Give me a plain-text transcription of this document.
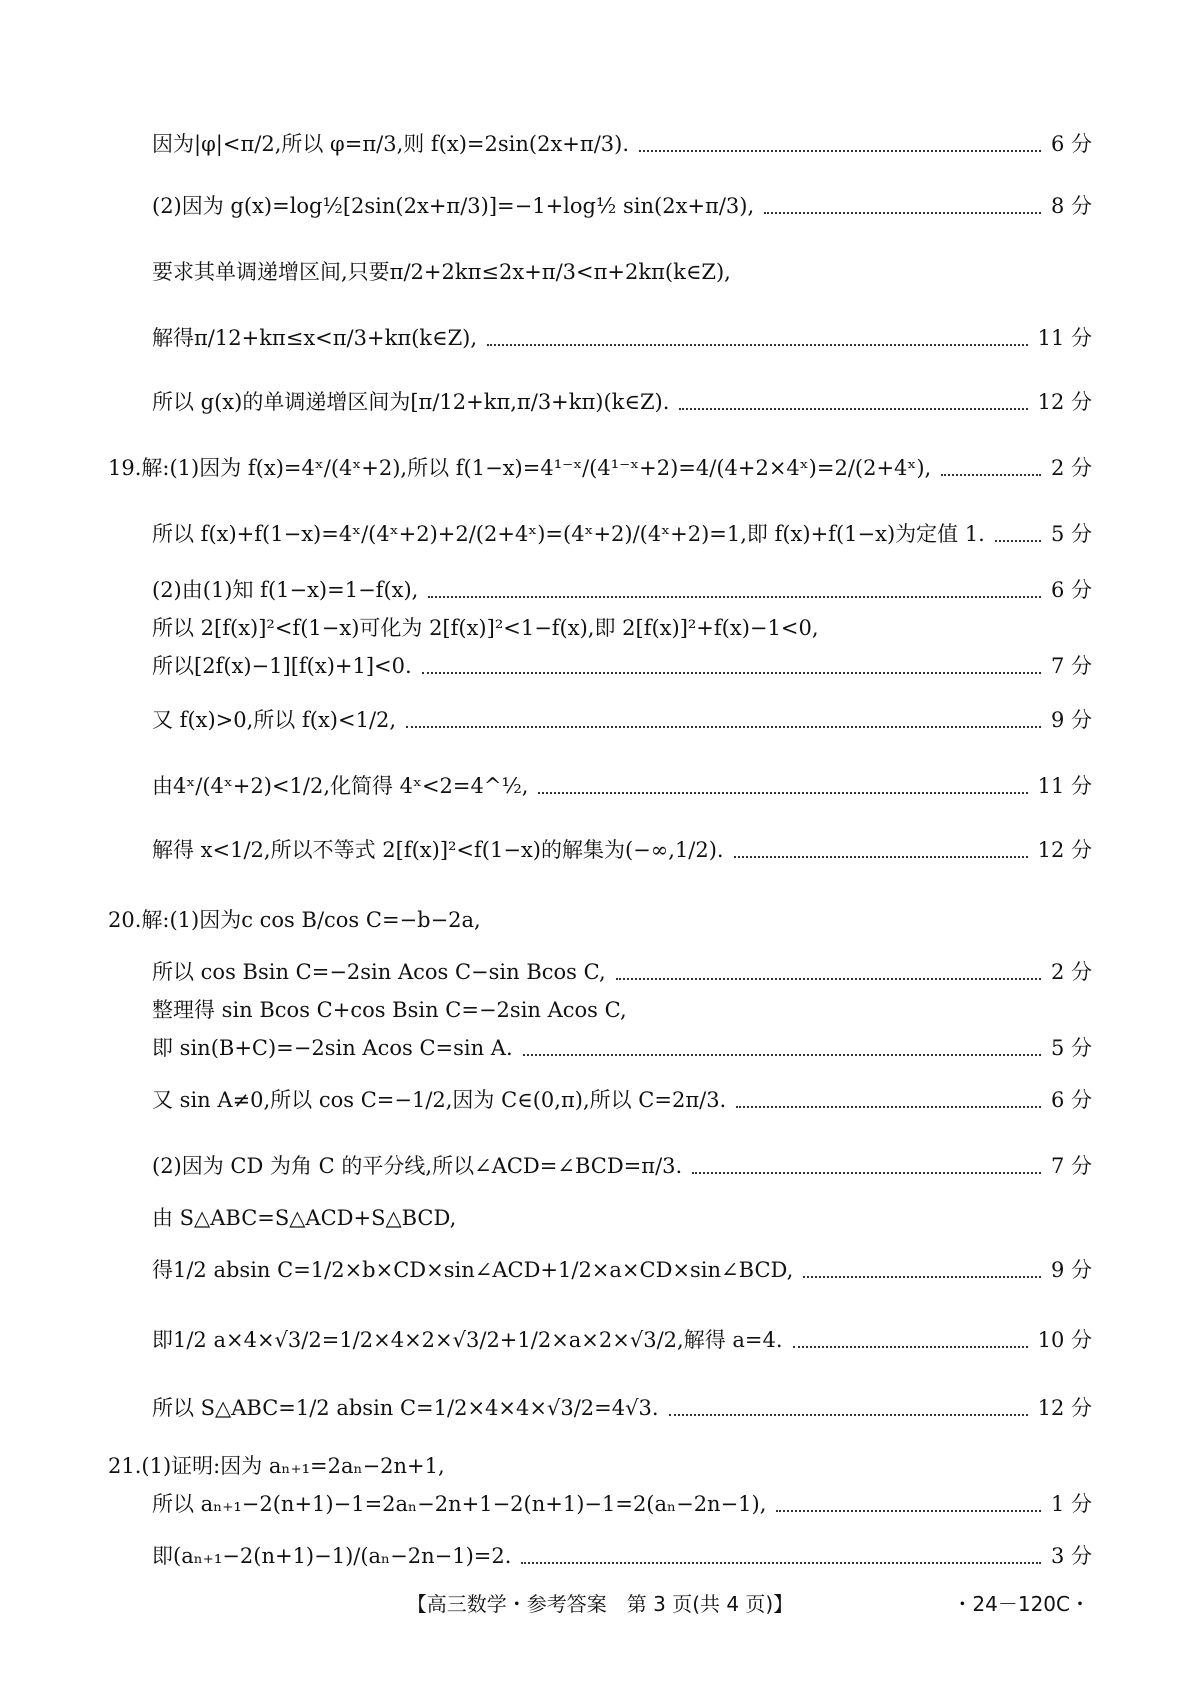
因为|φ|<π/2,所以 φ=π/3,则 f(x)=2sin(2x+π/3).	6 分
(2)因为 g(x)=log½[2sin(2x+π/3)]=−1+log½ sin(2x+π/3),	8 分
要求其单调递增区间,只要π/2+2kπ≤2x+π/3<π+2kπ(k∈Z),
解得π/12+kπ≤x<π/3+kπ(k∈Z),	11 分
所以 g(x)的单调递增区间为[π/12+kπ,π/3+kπ)(k∈Z).	12 分
19.解:(1)因为 f(x)=4ˣ/(4ˣ+2),所以 f(1−x)=4¹⁻ˣ/(4¹⁻ˣ+2)=4/(4+2×4ˣ)=2/(2+4ˣ),	2 分
所以 f(x)+f(1−x)=4ˣ/(4ˣ+2)+2/(2+4ˣ)=(4ˣ+2)/(4ˣ+2)=1,即 f(x)+f(1−x)为定值 1.	5 分
(2)由(1)知 f(1−x)=1−f(x),	6 分
所以 2[f(x)]²<f(1−x)可化为 2[f(x)]²<1−f(x),即 2[f(x)]²+f(x)−1<0,
所以[2f(x)−1][f(x)+1]<0.	7 分
又 f(x)>0,所以 f(x)<1/2,	9 分
由4ˣ/(4ˣ+2)<1/2,化简得 4ˣ<2=4^½,	11 分
解得 x<1/2,所以不等式 2[f(x)]²<f(1−x)的解集为(−∞,1/2).	12 分
20.解:(1)因为c cos B/cos C=−b−2a,
所以 cos Bsin C=−2sin Acos C−sin Bcos C,	2 分
整理得 sin Bcos C+cos Bsin C=−2sin Acos C,
即 sin(B+C)=−2sin Acos C=sin A.	5 分
又 sin A≠0,所以 cos C=−1/2,因为 C∈(0,π),所以 C=2π/3.	6 分
(2)因为 CD 为角 C 的平分线,所以∠ACD=∠BCD=π/3.	7 分
由 S△ABC=S△ACD+S△BCD,
得1/2 absin C=1/2×b×CD×sin∠ACD+1/2×a×CD×sin∠BCD,	9 分
即1/2 a×4×√3/2=1/2×4×2×√3/2+1/2×a×2×√3/2,解得 a=4.	10 分
所以 S△ABC=1/2 absin C=1/2×4×4×√3/2=4√3.	12 分
21.(1)证明:因为 aₙ₊₁=2aₙ−2n+1,
所以 aₙ₊₁−2(n+1)−1=2aₙ−2n+1−2(n+1)−1=2(aₙ−2n−1),	1 分
即(aₙ₊₁−2(n+1)−1)/(aₙ−2n−1)=2.	3 分
【高三数学・参考答案　第 3 页(共 4 页)】	・24－120C・
